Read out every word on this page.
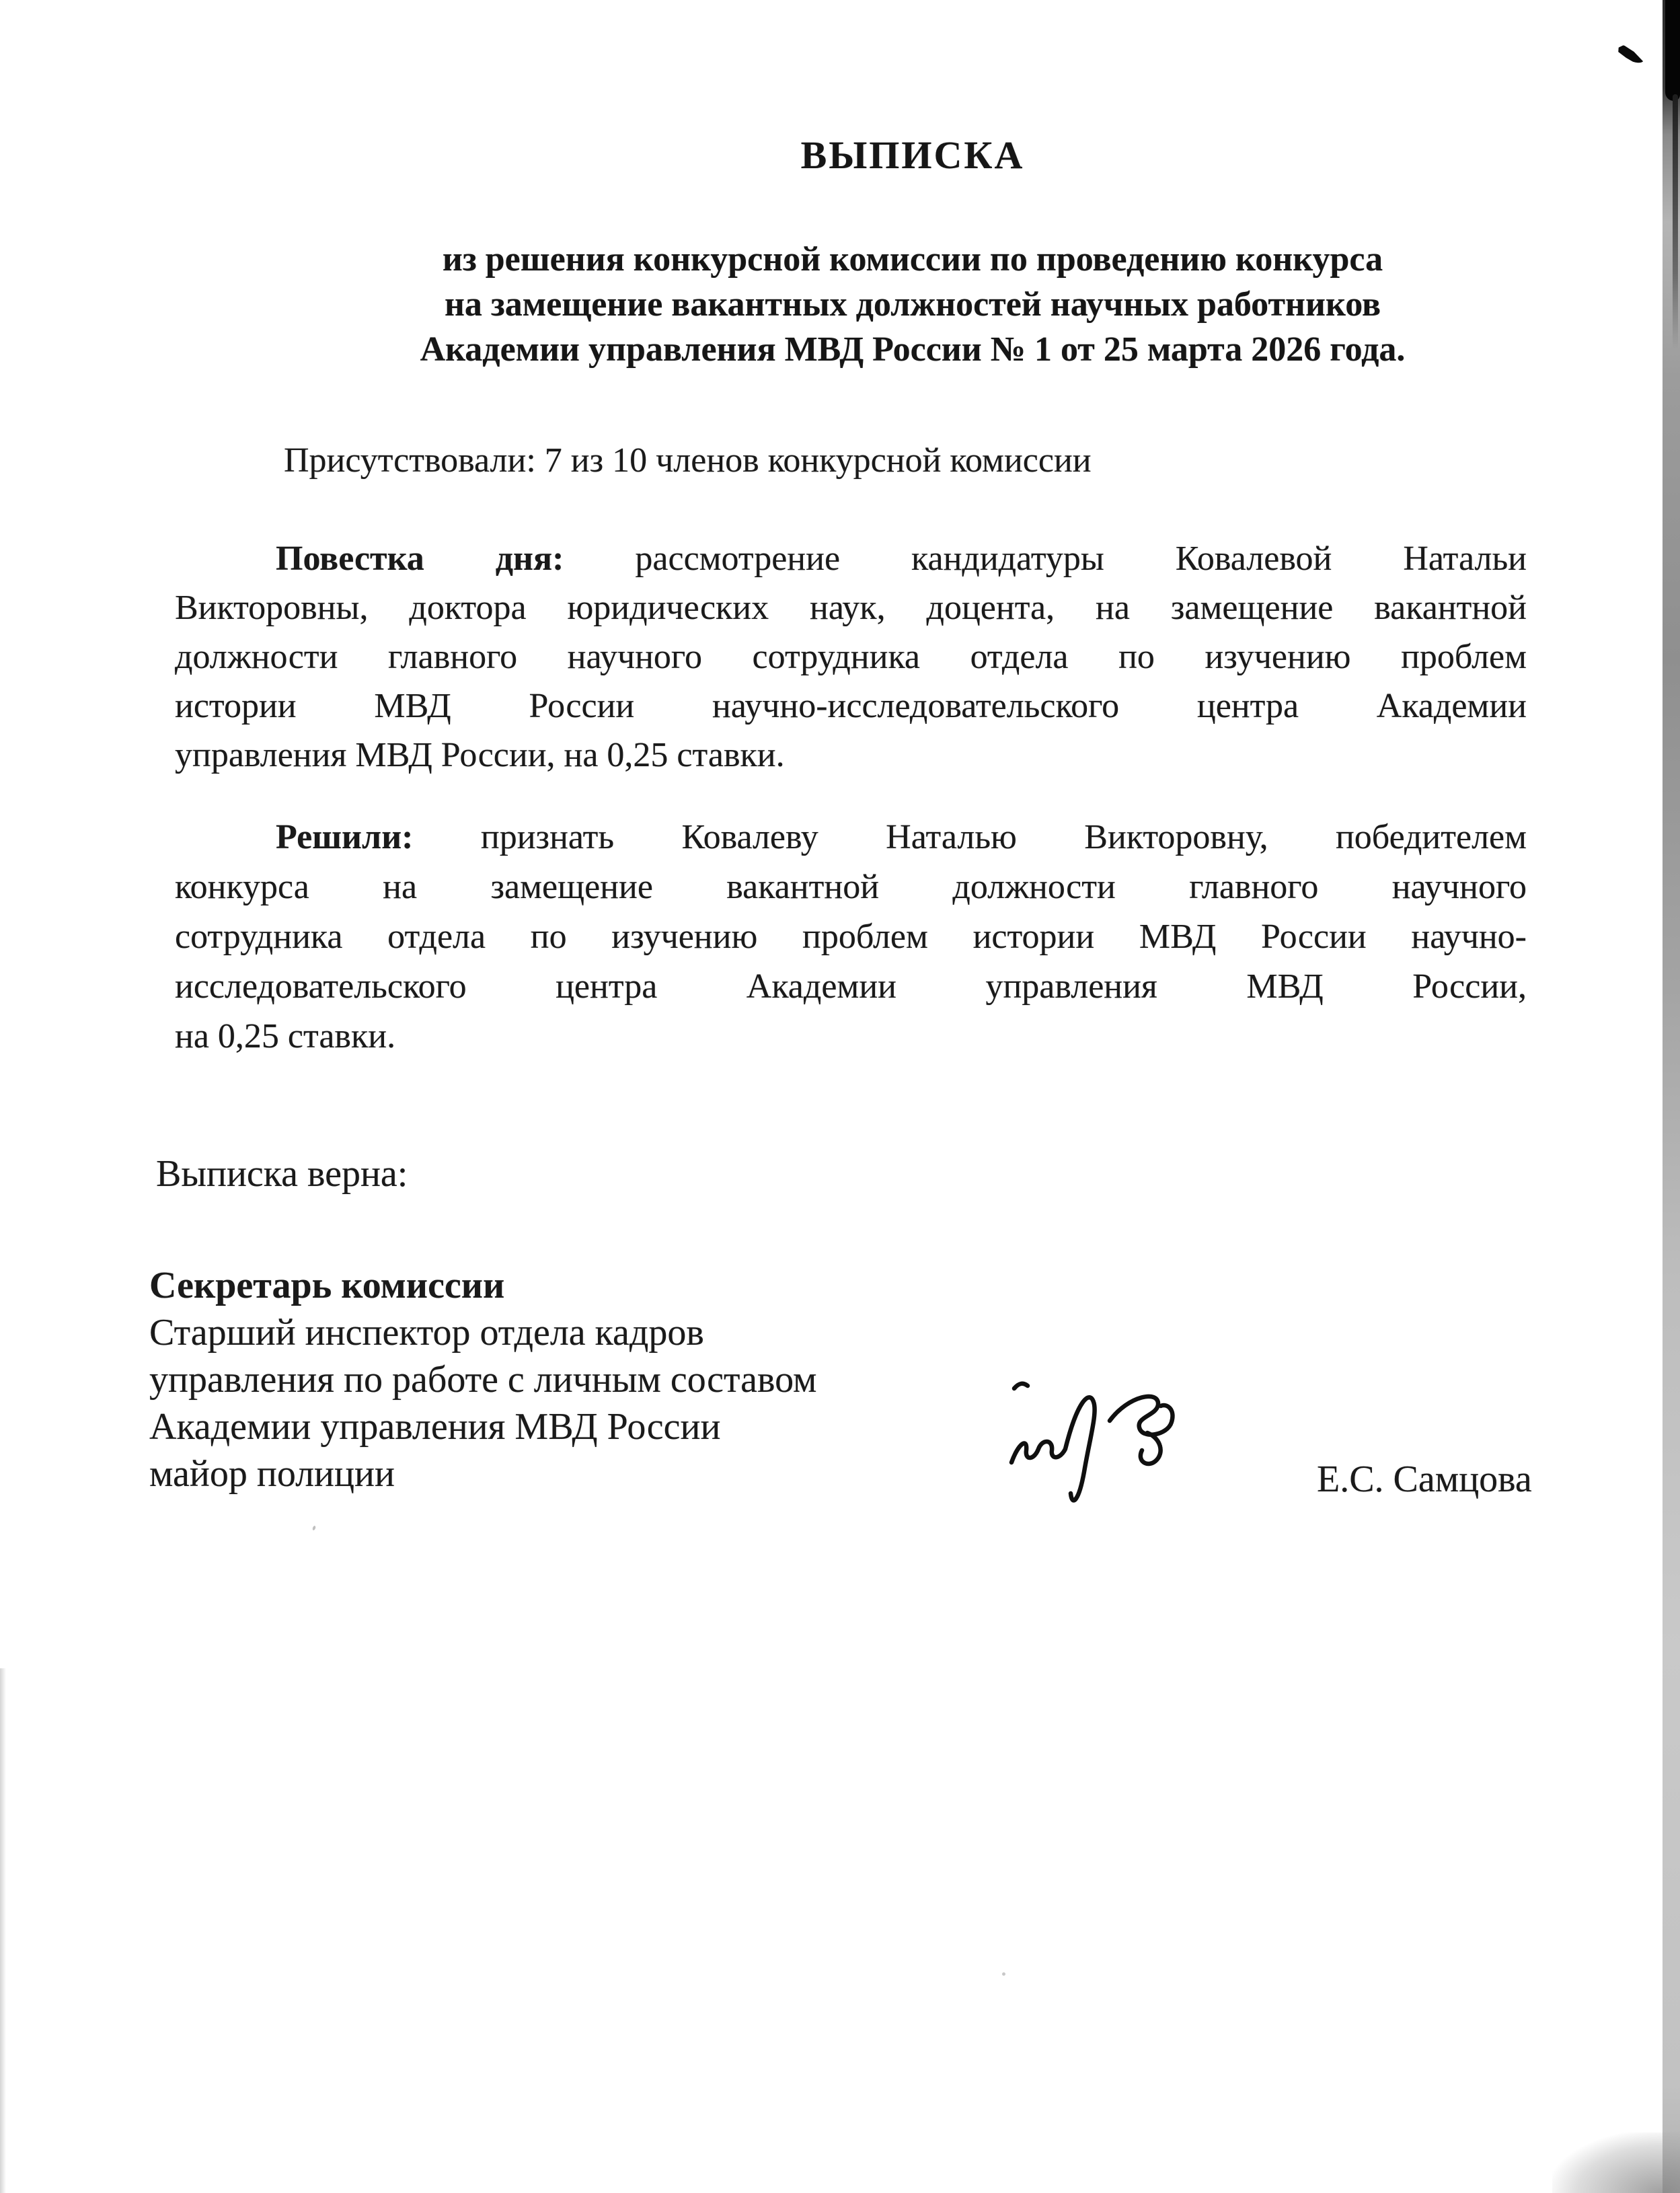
ВЫПИСКА
из решения конкурсной комиссии по проведению конкурса
на замещение вакантных должностей научных работников
Академии управления МВД России № 1 от 25 марта 2026 года.
Присутствовали: 7 из 10 членов конкурсной комиссии
Повестка дня: рассмотрение кандидатуры Ковалевой Натальи
Викторовны, доктора юридических наук, доцента, на замещение вакантной
должности главного научного сотрудника отдела по изучению проблем
истории МВД России научно-исследовательского центра Академии
управления МВД России, на 0,25 ставки.
Решили: признать Ковалеву Наталью Викторовну, победителем
конкурса на замещение вакантной должности главного научного
сотрудника отдела по изучению проблем истории МВД России научно-
исследовательского центра Академии управления МВД России,
на 0,25 ставки.
Выписка верна:
Секретарь комиссии
Старший инспектор отдела кадров
управления по работе с личным составом
Академии управления МВД России
майор полиции	Е.С. Самцова
